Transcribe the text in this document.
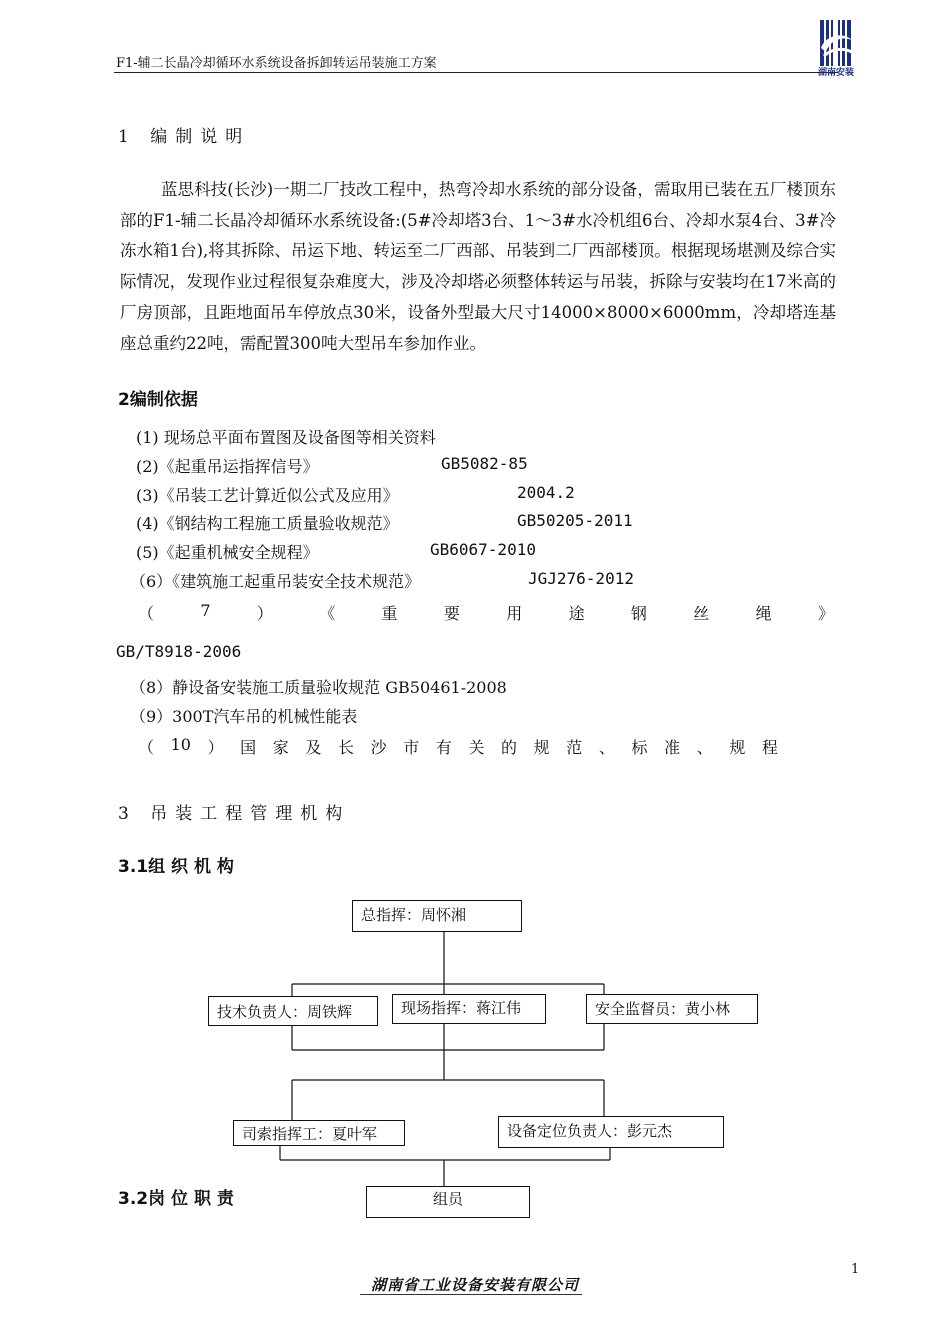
F1-辅二长晶冷却循环水系统设备拆卸转运吊装施工方案
湖南安装
1 编制说明
蓝思科技(长沙)一期二厂技改工程中，热弯冷却水系统的部分设备，需取用已装在五厂楼顶东部的F1-辅二长晶冷却循环水系统设备:(5#冷却塔3台、1～3#水冷机组6台、冷却水泵4台、3#冷冻水箱1台),将其拆除、吊运下地、转运至二厂西部、吊装到二厂西部楼顶。根据现场堪测及综合实际情况，发现作业过程很复杂难度大，涉及冷却塔必须整体转运与吊装，拆除与安装均在17米高的厂房顶部，且距地面吊车停放点30米，设备外型最大尺寸14000×8000×6000mm，冷却塔连基座总重约22吨，需配置300吨大型吊车参加作业。
2编制依据
(1) 现场总平面布置图及设备图等相关资料
(2)《起重吊运指挥信号》	GB5082-85
(3)《吊装工艺计算近似公式及应用》	2004.2
(4)《钢结构工程施工质量验收规范》	GB50205-2011
(5)《起重机械安全规程》	GB6067-2010
（6）《建筑施工起重吊装安全技术规范》	JGJ276-2012
（	7	）	《	重	要	用	途	钢	丝	绳	》
GB/T8918-2006
（8）静设备安装施工质量验收规范 GB50461-2008
（9）300T汽车吊的机械性能表
（ 10 ） 国 家 及 长 沙 市 有 关 的 规 范 、 标 准 、 规 程
3 吊装工程管理机构
3.1组 织 机 构
3.2岗 位 职 责
总指挥：周怀湘
技术负责人：周铁辉	现场指挥：蒋江伟	安全监督员：黄小林
司索指挥工：夏叶军	设备定位负责人：彭元杰
组员
1
湖南省工业设备安装有限公司
